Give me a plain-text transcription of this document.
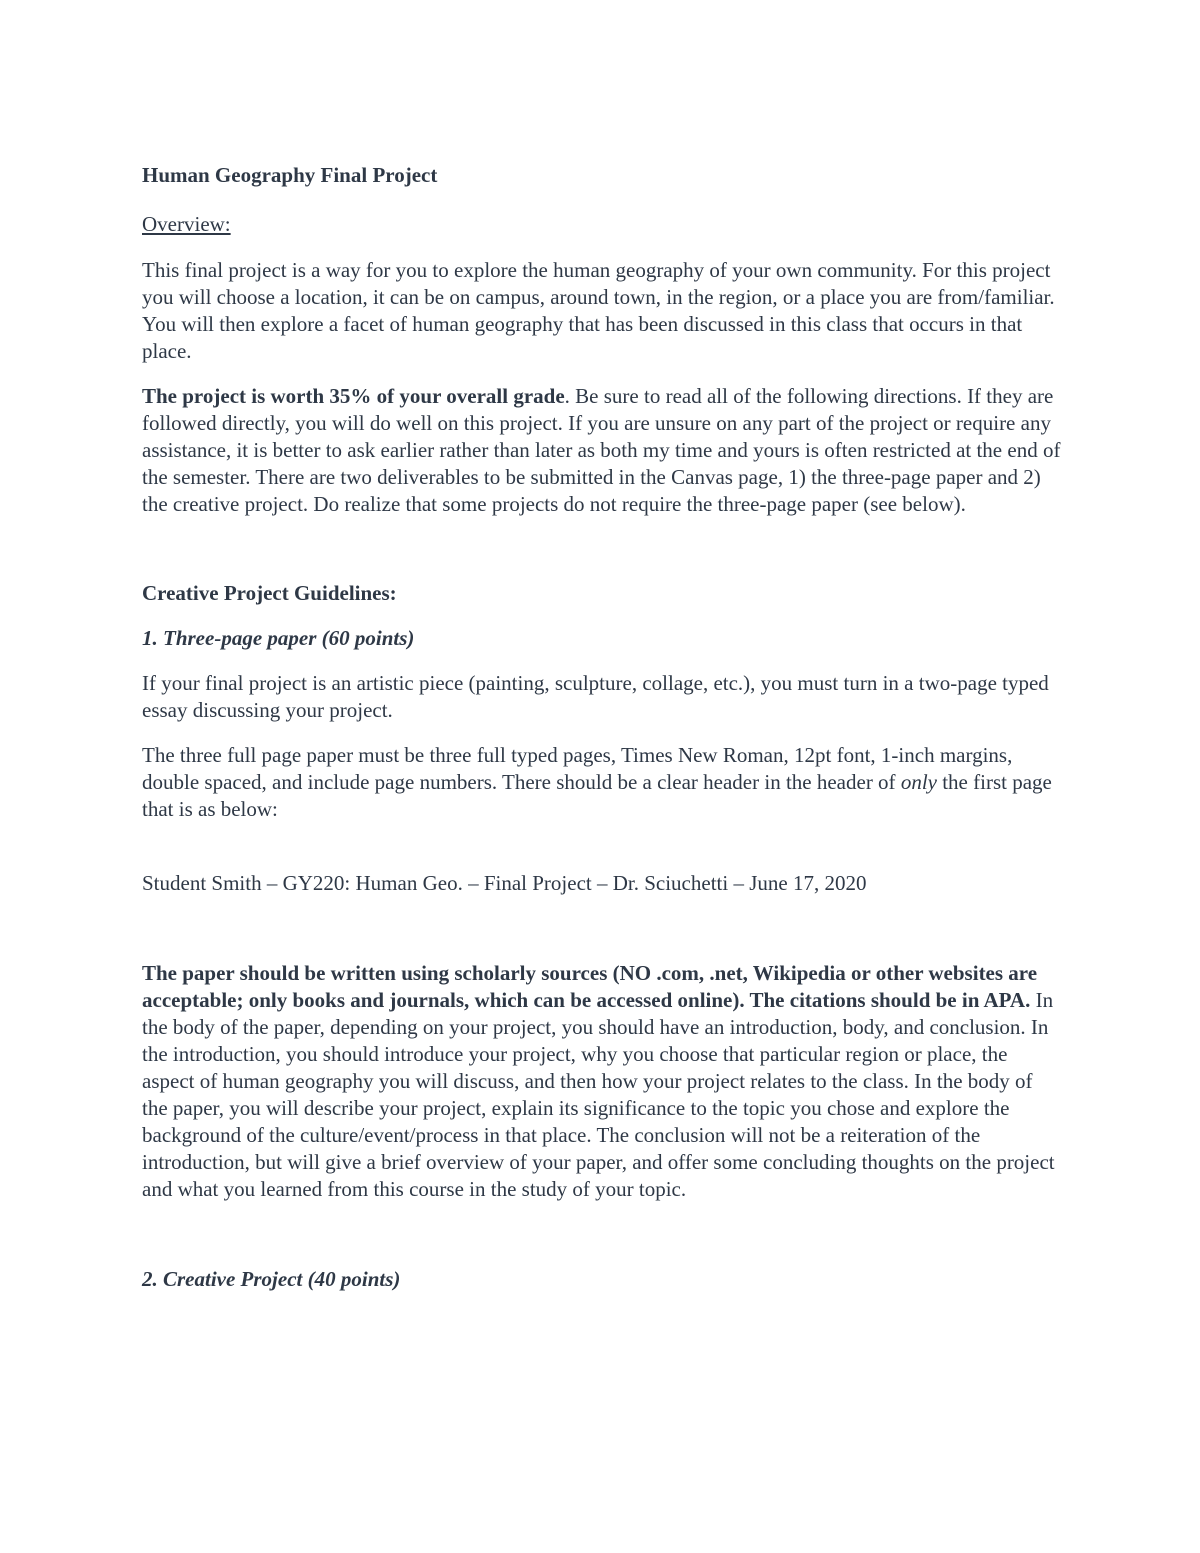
Human Geography Final Project

Overview:

This final project is a way for you to explore the human geography of your own community. For this project you will choose a location, it can be on campus, around town, in the region, or a place you are from/familiar. You will then explore a facet of human geography that has been discussed in this class that occurs in that place.

The project is worth 35% of your overall grade. Be sure to read all of the following directions. If they are followed directly, you will do well on this project. If you are unsure on any part of the project or require any assistance, it is better to ask earlier rather than later as both my time and yours is often restricted at the end of the semester. There are two deliverables to be submitted in the Canvas page, 1) the three-page paper and 2) the creative project. Do realize that some projects do not require the three-page paper (see below).

Creative Project Guidelines:

1. Three-page paper (60 points)

If your final project is an artistic piece (painting, sculpture, collage, etc.), you must turn in a two-page typed essay discussing your project.

The three full page paper must be three full typed pages, Times New Roman, 12pt font, 1-inch margins, double spaced, and include page numbers. There should be a clear header in the header of only the first page that is as below:

Student Smith – GY220: Human Geo. – Final Project – Dr. Sciuchetti – June 17, 2020

The paper should be written using scholarly sources (NO .com, .net, Wikipedia or other websites are acceptable; only books and journals, which can be accessed online). The citations should be in APA. In the body of the paper, depending on your project, you should have an introduction, body, and conclusion. In the introduction, you should introduce your project, why you choose that particular region or place, the aspect of human geography you will discuss, and then how your project relates to the class. In the body of the paper, you will describe your project, explain its significance to the topic you chose and explore the background of the culture/event/process in that place. The conclusion will not be a reiteration of the introduction, but will give a brief overview of your paper, and offer some concluding thoughts on the project and what you learned from this course in the study of your topic.

2. Creative Project (40 points)
